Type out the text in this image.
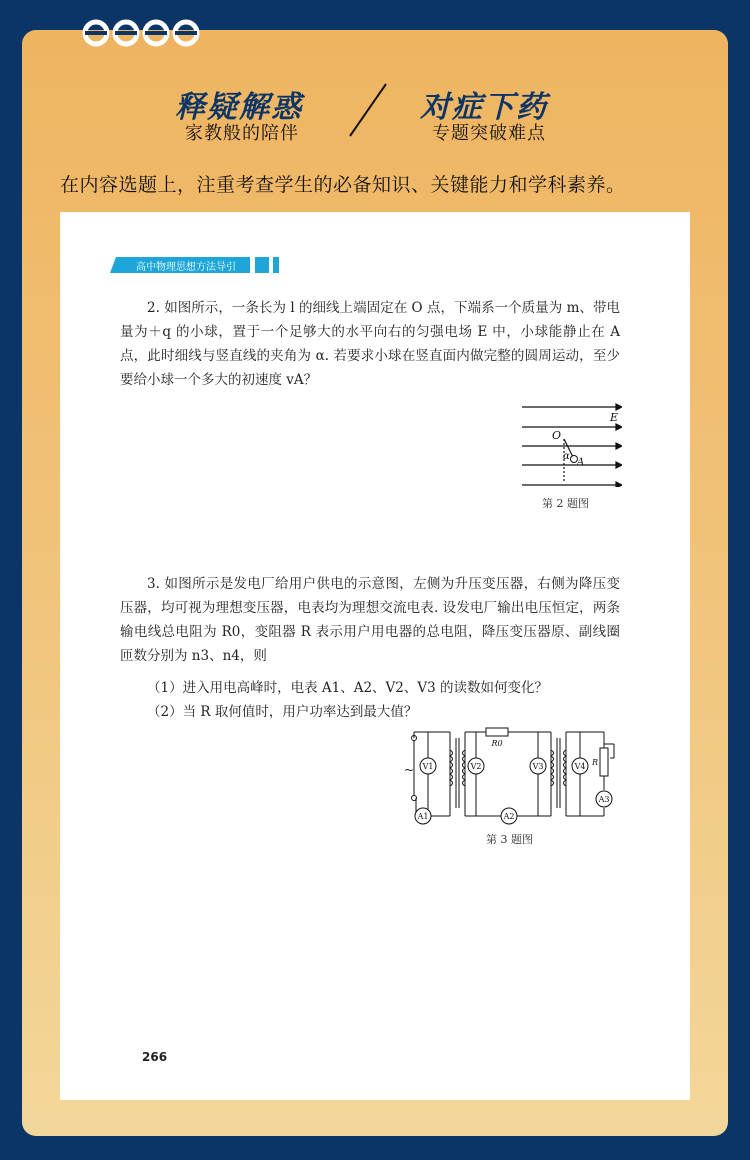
释疑解惑
家教般的陪伴
对症下药
专题突破难点
在内容选题上，注重考查学生的必备知识、关键能力和学科素养。
高中物理思想方法导引
2. 如图所示，一条长为 l 的细线上端固定在 O 点，下端系一个质量为 m、带电量为＋q 的小球，置于一个足够大的水平向右的匀强电场 E 中，小球能静止在 A 点，此时细线与竖直线的夹角为 α. 若要求小球在竖直面内做完整的圆周运动，至少要给小球一个多大的初速度 vA？
E
O
α
A
第 2 题图
3. 如图所示是发电厂给用户供电的示意图，左侧为升压变压器，右侧为降压变压器，均可视为理想变压器，电表均为理想交流电表. 设发电厂输出电压恒定，两条输电线总电阻为 R0，变阻器 R 表示用户用电器的总电阻，降压变压器原、副线圈匝数分别为 n3、n4，则
（1）进入用电高峰时，电表 A1、A2、V2、V3 的读数如何变化？
（2）当 R 取何值时，用户功率达到最大值？
V1	V2	V3	V4
A1	A2
A3
R0
R
~
第 3 题图
266
